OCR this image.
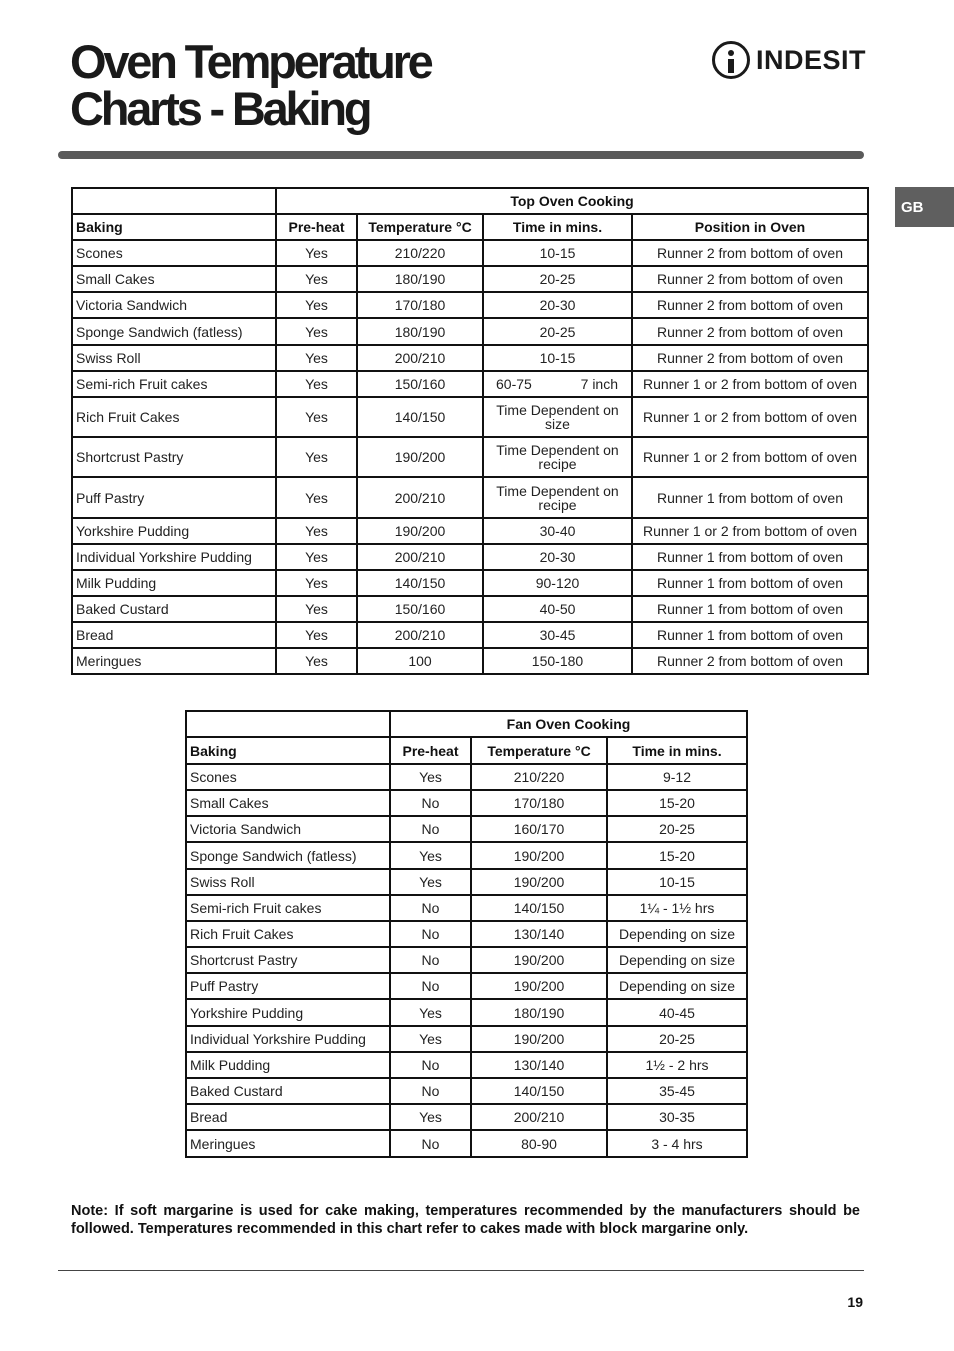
Oven Temperature
Charts - Baking
INDESIT
GB
	Top Oven Cooking			
Baking	Pre-heat	Temperature °C	Time in mins.	Position in Oven
Scones	Yes	210/220	10-15	Runner 2 from bottom of oven
Small Cakes	Yes	180/190	20-25	Runner 2 from bottom of oven
Victoria Sandwich	Yes	170/180	20-30	Runner 2 from bottom of oven
Sponge Sandwich (fatless)	Yes	180/190	20-25	Runner 2 from bottom of oven
Swiss Roll	Yes	200/210	10-15	Runner 2 from bottom of oven
Semi-rich Fruit cakes	Yes	150/160	60-75 7 inch	Runner 1 or 2 from bottom of oven
Rich Fruit Cakes	Yes	140/150	Time Dependent on size	Runner 1 or 2 from bottom of oven
Shortcrust Pastry	Yes	190/200	Time Dependent on recipe	Runner 1 or 2 from bottom of oven
Puff Pastry	Yes	200/210	Time Dependent on recipe	Runner 1 from bottom of oven
Yorkshire Pudding	Yes	190/200	30-40	Runner 1 or 2 from bottom of oven
Individual Yorkshire Pudding	Yes	200/210	20-30	Runner 1 from bottom of oven
Milk Pudding	Yes	140/150	90-120	Runner 1 from bottom of oven
Baked Custard	Yes	150/160	40-50	Runner 1 from bottom of oven
Bread	Yes	200/210	30-45	Runner 1 from bottom of oven
Meringues	Yes	100	150-180	Runner 2 from bottom of oven
	Fan Oven Cooking		
Baking	Pre-heat	Temperature °C	Time in mins.
Scones	Yes	210/220	9-12
Small Cakes	No	170/180	15-20
Victoria Sandwich	No	160/170	20-25
Sponge Sandwich (fatless)	Yes	190/200	15-20
Swiss Roll	Yes	190/200	10-15
Semi-rich Fruit cakes	No	140/150	1¼ - 1½ hrs
Rich Fruit Cakes	No	130/140	Depending on size
Shortcrust Pastry	No	190/200	Depending on size
Puff Pastry	No	190/200	Depending on size
Yorkshire Pudding	Yes	180/190	40-45
Individual Yorkshire Pudding	Yes	190/200	20-25
Milk Pudding	No	130/140	1½ - 2 hrs
Baked Custard	No	140/150	35-45
Bread	Yes	200/210	30-35
Meringues	No	80-90	3 - 4 hrs

Note: If soft margarine is used for cake making, temperatures recommended by the manufacturers should be followed. Temperatures recommended in this chart refer to cakes made with block margarine only.

19
